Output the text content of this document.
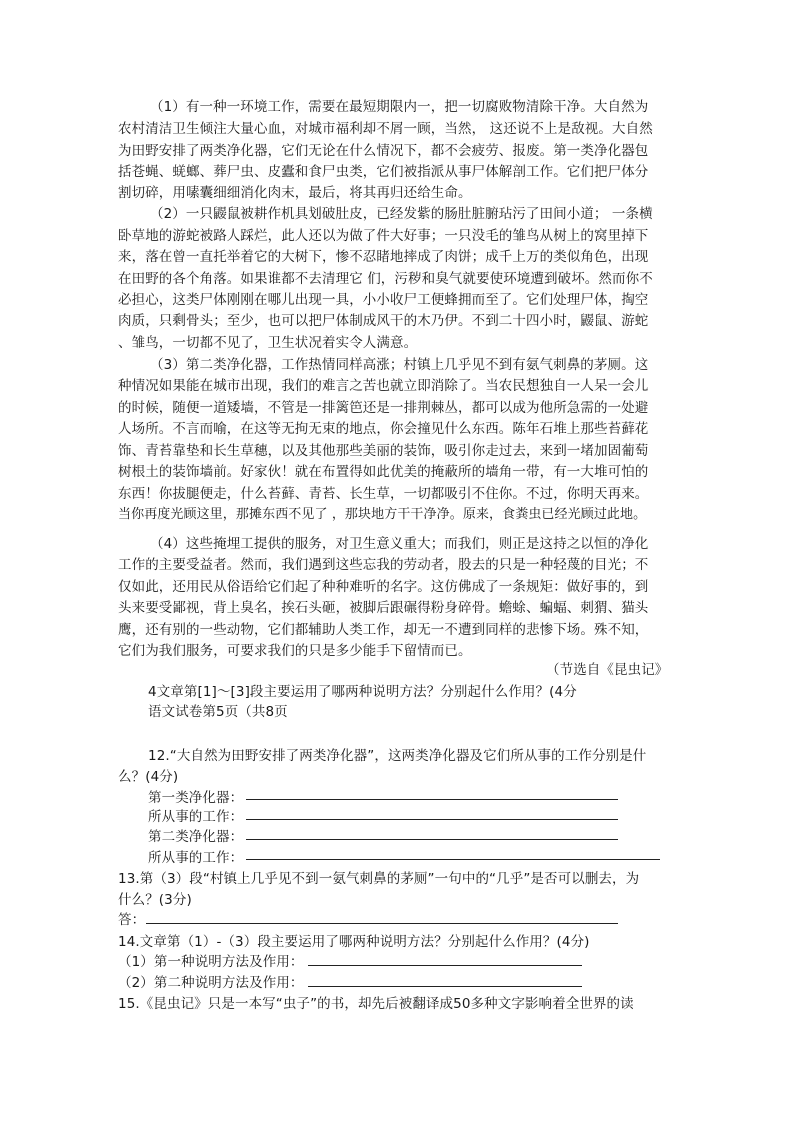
（1）有一种一环境工作，需要在最短期限内一，把一切腐败物清除干净。大自然为
农村清洁卫生倾注大量心血，对城市福利却不屑一顾，当然， 这还说不上是敌视。大自然
为田野安排了两类净化器，它们无论在什么情况下，都不会疲劳、报废。第一类净化器包
括苍蝇、蜣螂、葬尸虫、皮蠹和食尸虫类，它们被指派从事尸体解剖工作。它们把尸体分
割切碎，用嗉囊细细消化肉末，最后，将其再归还给生命。
（2）一只鼹鼠被耕作机具划破肚皮，已经发紫的肠肚脏腑玷污了田间小道； 一条横
卧草地的游蛇被路人踩烂，此人还以为做了件大好事；一只没毛的雏鸟从树上的窝里掉下
来，落在曾一直托举着它的大树下，惨不忍睹地摔成了肉饼；成千上万的类似角色，出现
在田野的各个角落。如果谁都不去清理它 们，污秽和臭气就要使环境遭到破坏。然而你不
必担心，这类尸体刚刚在哪儿出现一具，小小收尸工便蜂拥而至了。它们处理尸体，掏空
肉质，只剩骨头；至少，也可以把尸体制成风干的木乃伊。不到二十四小时，鼹鼠、游蛇
、雏鸟，一切都不见了，卫生状况着实令人满意。
（3）第二类净化器，工作热情同样高涨；村镇上几乎见不到有氨气刺鼻的茅厕。这
种情况如果能在城市出现，我们的难言之苦也就立即消除了。当农民想独自一人呆一会儿
的时候，随便一道矮墙，不管是一排篱笆还是一排荆棘丛，都可以成为他所急需的一处避
人场所。不言而喻，在这等无拘无束的地点，你会撞见什么东西。陈年石堆上那些苔藓花
饰、青苔靠垫和长生草穗，以及其他那些美丽的装饰，吸引你走过去，来到一堵加固葡萄
树根土的装饰墙前。好家伙！就在布置得如此优美的掩蔽所的墙角一带，有一大堆可怕的
东西！你拔腿便走，什么苔藓、青苔、长生草，一切都吸引不住你。不过，你明天再来。
（4）这些掩埋工提供的服务，对卫生意义重大；而我们，则正是这持之以恒的净化
工作的主要受益者。然而，我们遇到这些忘我的劳动者，股去的只是一种轻蔑的目光；不
仅如此，还用民从俗语给它们起了种种难听的名字。这仿佛成了一条规矩：做好事的，到
头来要受鄙视，背上臭名，挨石头砸，被脚后跟碾得粉身碎骨。蟾蜍、蝙蝠、刺猬、猫头
鹰，还有别的一些动物，它们都辅助人类工作，却无一不遭到同样的悲惨下场。殊不知，
它们为我们服务，可要求我们的只是多少能手下留情而已。
（节选自《昆虫记》
4文章第[1]～[3]段主要运用了哪两种说明方法？分别起什么作用？(4分
语文试卷第5页（共8页
12.“大自然为田野安排了两类净化器”，这两类净化器及它们所从事的工作分别是什
么？(4分)
第一类净化器：
所从事的工作：
第二类净化器：
所从事的工作：
13.第（3）段“村镇上几乎见不到一氨气刺鼻的茅厕”一句中的“几乎”是否可以删去，为
什么？(3分)
答：
14.文章第（1）-（3）段主要运用了哪两种说明方法？分别起什么作用？(4分)
（1）第一种说明方法及作用：
（2）第二种说明方法及作用：
15.《昆虫记》只是一本写“虫子”的书，却先后被翻译成50多种文字影响着全世界的读
当你再度光顾这里，那摊东西不见了 ，那块地方干干净净。原来，食粪虫已经光顾过此地。
